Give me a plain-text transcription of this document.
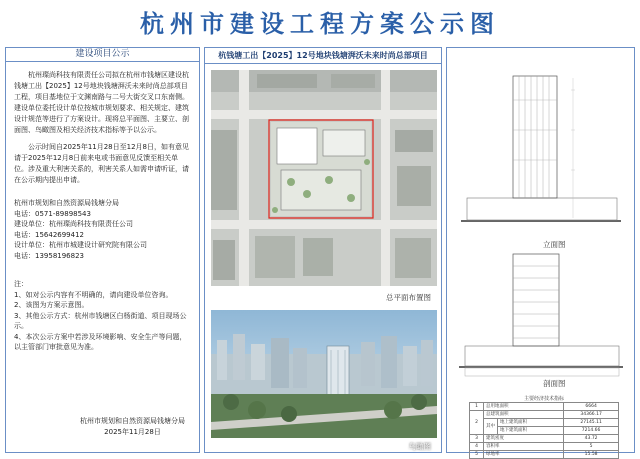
杭州市建设工程方案公示图
建设项目公示

杭州璨尚科技有限责任公司拟在杭州市钱塘区建设杭钱塘工出【2025】12号地块钱塘湃沃未来时尚总部项目工程，项目基地位于文渊南路与二号大街交叉口东南侧。建设单位委托设计单位按城市规划要求、相关规定、建筑设计规范等进行了方案设计。现将总平面图、主要立、剖面图、鸟瞰图及相关经济技术指标等予以公示。

公示时间自2025年11月28日至12月8日，如有意见请于2025年12月8日前来电或书面意见反馈至相关单位。涉及重大利害关系的，利害关系人如需申请听证，请在公示期内提出申请。

杭州市规划和自然资源局钱塘分局
电话：0571-89898543
建设单位：杭州璨尚科技有限责任公司
电话：15642699412
设计单位：杭州市城建设计研究院有限公司
电话：13958196823
注：
1、如对公示内容有不明确的，请向建设单位咨询。
2、该图为方案示意图。
3、其他公示方式：杭州市钱塘区白杨街道、项目现场公示。
4、本次公示方案中若涉及环境影响、安全生产等问题，以主管部门审批意见为准。
杭州市规划和自然资源局钱塘分局
2025年11月28日
杭钱塘工出【2025】12号地块钱塘湃沃未来时尚总部项目
总平面布置图
鸟瞰图
立面图
剖面图
主要经济技术指标
1	总用地面积		6664
2	总建筑面积		34366.17
	其中	地上建筑面积	27145.11
		地下建筑面积	7214.66
3	建筑密度		43.72
4	容积率		5
5	绿地率		15.58
